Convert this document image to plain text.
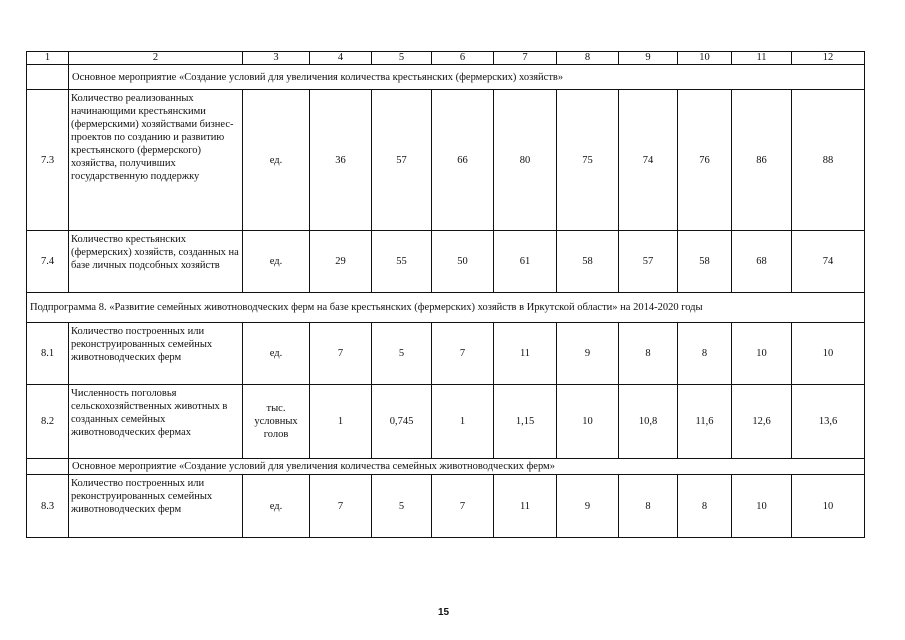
1	2	3	4	5	6	7	8	9	10	11	12
	Основное мероприятие «Создание условий для увеличения количества крестьянских (фермерских) хозяйств»										
7.3	Количество реализованных начинающими крестьянскими (фермерскими) хозяйствами бизнес-проектов по созданию и развитию крестьянского (фермерского) хозяйства, получивших государственную поддержку	ед.	36	57	66	80	75	74	76	86	88
7.4	Количество крестьянских (фермерских) хозяйств, созданных на базе личных подсобных хозяйств	ед.	29	55	50	61	58	57	58	68	74
Подпрограмма 8. «Развитие семейных животноводческих ферм на базе крестьянских (фермерских) хозяйств в Иркутской области» на 2014-2020 годы											
8.1	Количество построенных или реконструированных семейных животноводческих ферм	ед.	7	5	7	11	9	8	8	10	10
8.2	Численность поголовья сельскохозяйственных животных в созданных семейных животноводческих фермах	тыс. условных голов	1	0,745	1	1,15	10	10,8	11,6	12,6	13,6
	Основное мероприятие «Создание условий для увеличения количества семейных животноводческих ферм»										
8.3	Количество построенных или реконструированных семейных животноводческих ферм	ед.	7	5	7	11	9	8	8	10	10
15
